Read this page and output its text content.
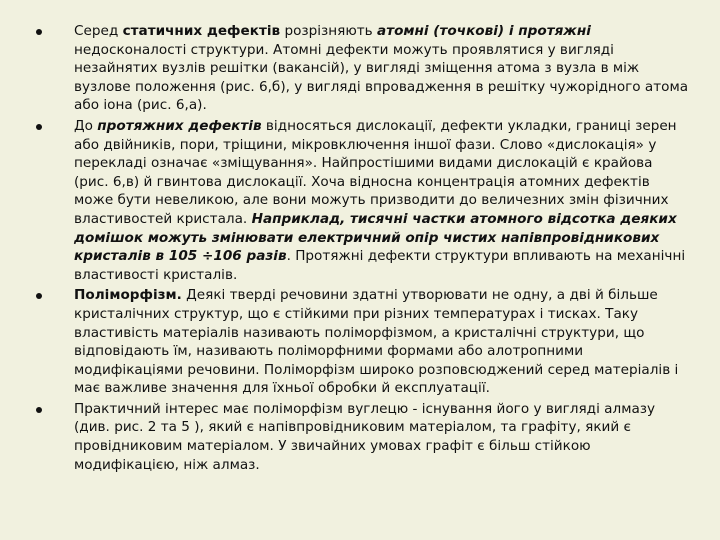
Серед статичних дефектів розрізняють атомні (точкові) і протяжні недосконалості структури. Атомні дефекти можуть проявлятися у вигляді незайнятих вузлів решітки (вакансій), у вигляді зміщення атома з вузла в між вузлове положення (рис. 6,б), у вигляді впровадження в решітку чужорідного атома або іона (рис. 6,а).
До протяжних дефектів відносяться дислокації, дефекти укладки, границі зерен або двійників, пори, тріщини, мікровключення іншої фази. Слово «дислокація» у перекладі означає «зміщування». Найпростішими видами дислокацій є крайова (рис. 6,в) й гвинтова дислокації. Хоча відносна концентрація атомних дефектів може бути невеликою, але вони можуть призводити до величезних змін фізичних властивостей кристала. Наприклад, тисячні частки атомного відсотка деяких домішок можуть змінювати електричний опір чистих напівпровідникових кристалів в 105 ÷106 разів. Протяжні дефекти структури впливають на механічні властивості кристалів.
Поліморфізм. Деякі тверді речовини здатні утворювати не одну, а дві й більше кристалічних структур, що є стійкими при різних температурах і тисках. Таку властивість матеріалів називають поліморфізмом, а кристалічні структури, що відповідають їм, називають поліморфними формами або алотропними модифікаціями речовини. Поліморфізм широко розповсюджений серед матеріалів і має важливе значення для їхньої обробки й експлуатації.
Практичний інтерес має поліморфізм вуглецю - існування його у вигляді алмазу (див. рис. 2 та 5 ), який є напівпровідниковим матеріалом, та графіту, який є провідниковим матеріалом. У звичайних умовах графіт є більш стійкою модифікацією, ніж алмаз.
